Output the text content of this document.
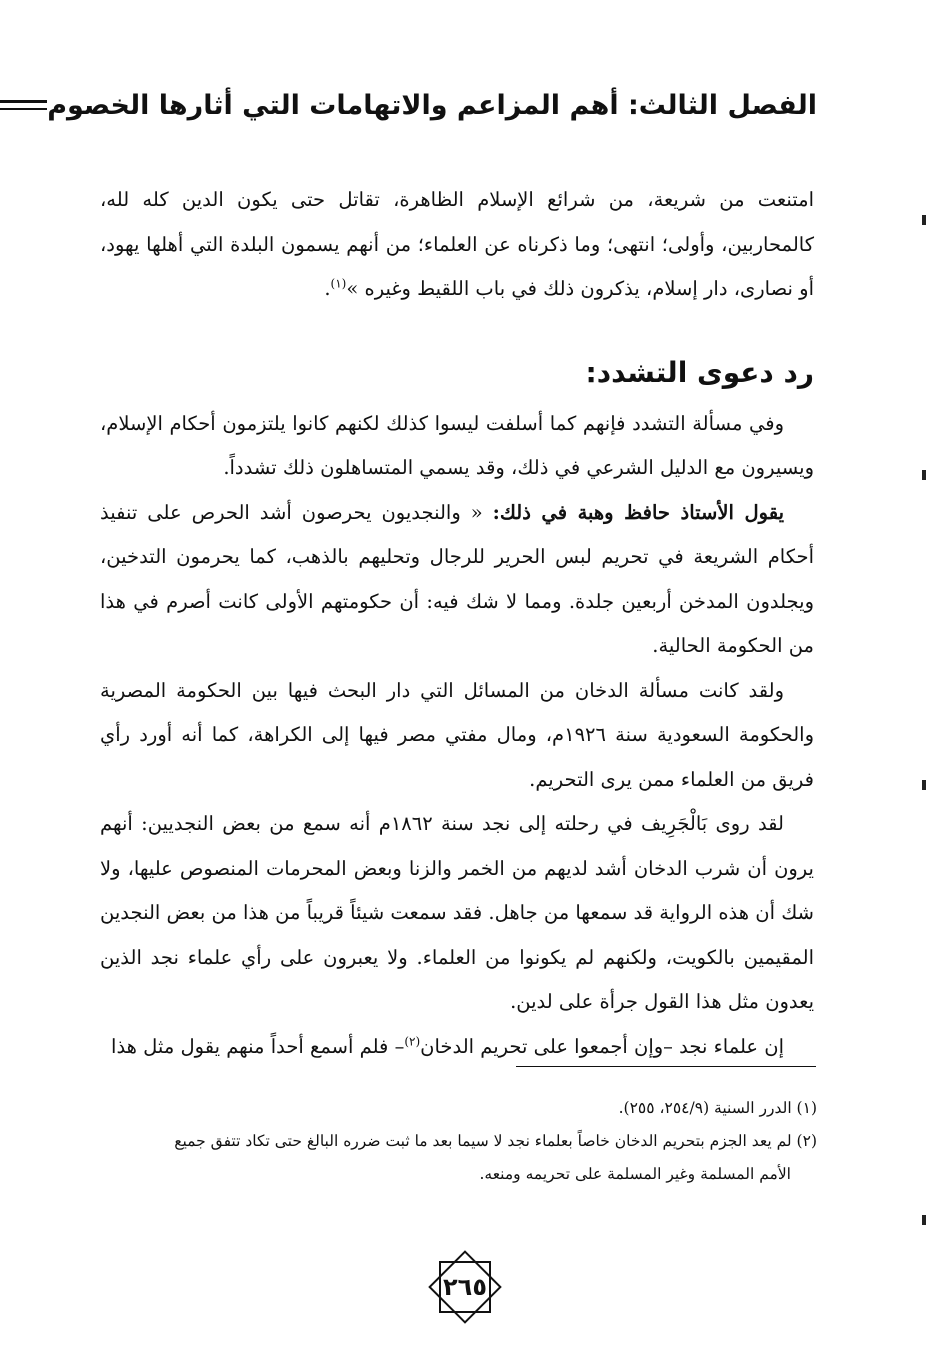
الفصل الثالث: أهم المزاعم والاتهامات التي أثارها الخصوم

امتنعت من شريعة، من شرائع الإسلام الظاهرة، تقاتل حتى يكون الدين كله لله، كالمحاربين، وأولى؛ انتهى؛ وما ذكرناه عن العلماء؛ من أنهم يسمون البلدة التي أهلها يهود، أو نصارى، دار إسلام، يذكرون ذلك في باب اللقيط وغيره »$^{(١)}$.

رد دعوى التشدد:

وفي مسألة التشدد فإنهم كما أسلفت ليسوا كذلك لكنهم كانوا يلتزمون أحكام الإسلام، ويسيرون مع الدليل الشرعي في ذلك، وقد يسمي المتساهلون ذلك تشدداً.

يقول الأستاذ حافظ وهبة في ذلك: « والنجديون يحرصون أشد الحرص على تنفيذ أحكام الشريعة في تحريم لبس الحرير للرجال وتحليهم بالذهب، كما يحرمون التدخين، ويجلدون المدخن أربعين جلدة. ومما لا شك فيه: أن حكومتهم الأولى كانت أصرم في هذا من الحكومة الحالية.

ولقد كانت مسألة الدخان من المسائل التي دار البحث فيها بين الحكومة المصرية والحكومة السعودية سنة ١٩٢٦م، ومال مفتي مصر فيها إلى الكراهة، كما أنه أورد رأي فريق من العلماء ممن يرى التحريم.

لقد روى بَالْجَرِيف في رحلته إلى نجد سنة ١٨٦٢م أنه سمع من بعض النجديين: أنهم يرون أن شرب الدخان أشد لديهم من الخمر والزنا وبعض المحرمات المنصوص عليها، ولا شك أن هذه الرواية قد سمعها من جاهل. فقد سمعت شيئاً قريباً من هذا من بعض النجدين المقيمين بالكويت، ولكنهم لم يكونوا من العلماء. ولا يعبرون على رأي علماء نجد الذين يعدون مثل هذا القول جرأة على لدين.

إن علماء نجد –وإن أجمعوا على تحريم الدخان$^{(٢)}$– فلم أسمع أحداً منهم يقول مثل هذا

(١) الدرر السنية (٢٥٤/٩، ٢٥٥).

(٢) لم يعد الجزم بتحريم الدخان خاصاً بعلماء نجد لا سيما بعد ما ثبت ضرره البالغ حتى تكاد تتفق جميع

الأمم المسلمة وغير المسلمة على تحريمه ومنعه.

٢٦٥
